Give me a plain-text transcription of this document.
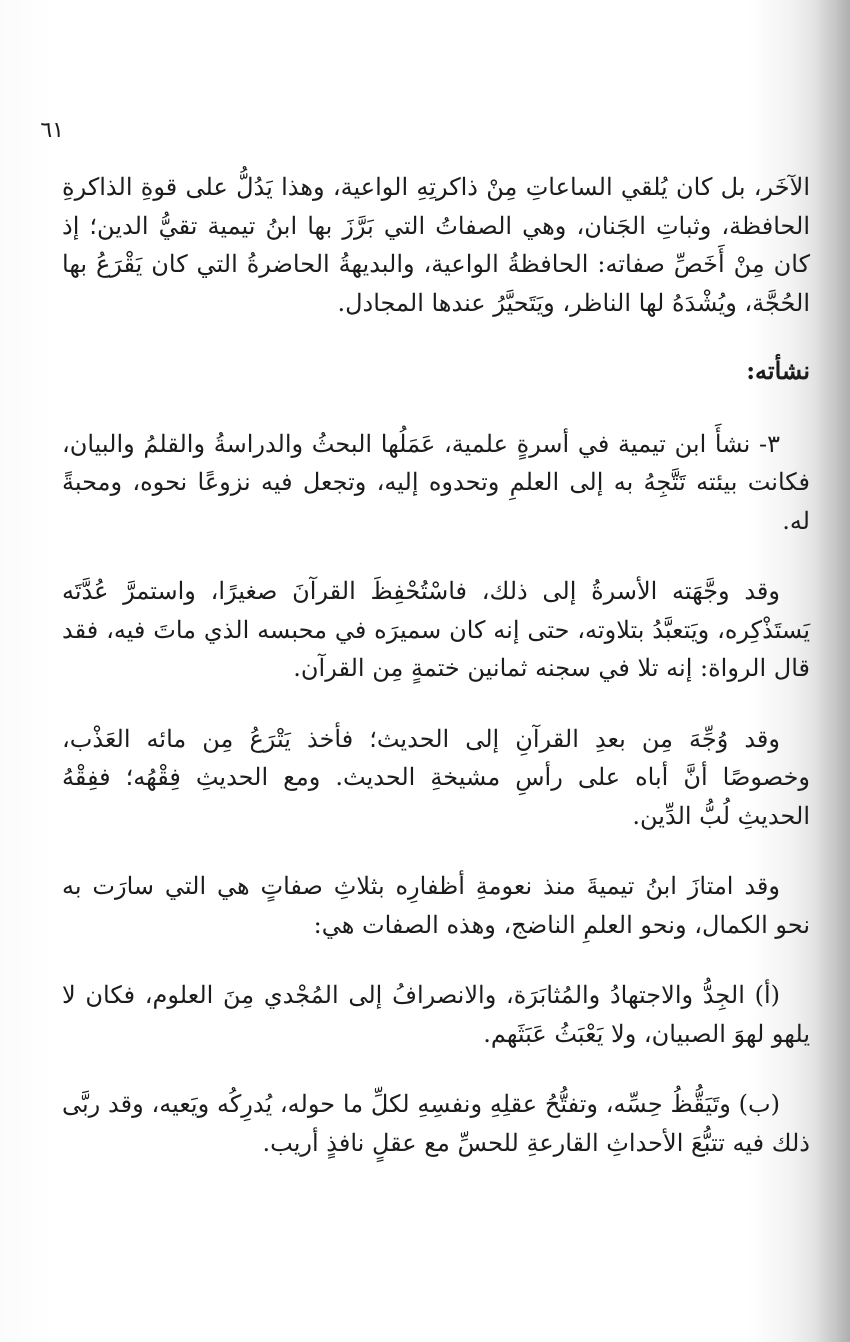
٦١

الآخَر، بل كان يُلقي الساعاتِ مِنْ ذاكرتِهِ الواعية، وهذا يَدُلُّ على قوةِ الذاكرةِ الحافظة، وثباتِ الجَنان، وهي الصفاتُ التي بَرَّزَ بها ابنُ تيمية تقيُّ الدين؛ إذ كان مِنْ أَخَصِّ صفاته: الحافظةُ الواعية، والبديهةُ الحاضرةُ التي كان يَقْرَعُ بها الحُجَّة، ويُشْدَهُ لها الناظر، ويَتَحيَّرُ عندها المجادل.

نشأته:

٣- نشأَ ابن تيمية في أسرةٍ علمية، عَمَلُها البحثُ والدراسةُ والقلمُ والبيان، فكانت بيئته تَتَّجِهُ به إلى العلمِ وتحدوه إليه، وتجعل فيه نزوعًا نحوه، ومحبةً له.

وقد وجَّهَته الأسرةُ إلى ذلك، فاسْتُحْفِظَ القرآنَ صغيرًا، واستمرَّ عُدَّتَه يَستَذْكِره، ويَتعبَّدُ بتلاوته، حتى إنه كان سميرَه في محبسه الذي ماتَ فيه، فقد قال الرواة: إنه تلا في سجنه ثمانين ختمةٍ مِن القرآن.

وقد وُجِّهَ مِن بعدِ القرآنِ إلى الحديث؛ فأخذ يَتْرَعُ مِن مائه العَذْب، وخصوصًا أنَّ أباه على رأسِ مشيخةِ الحديث. ومع الحديثِ فِقْهُه؛ ففِقْهُ الحديثِ لُبُّ الدِّين.

وقد امتازَ ابنُ تيميةَ منذ نعومةِ أظفارِه بثلاثِ صفاتٍ هي التي سارَت به نحو الكمال، ونحو العلمِ الناضج، وهذه الصفات هي:

(أ) الجِدُّ والاجتهادُ والمُثابَرَة، والانصرافُ إلى المُجْدي مِنَ العلوم، فكان لا يلهو لهوَ الصبيان، ولا يَعْبَثُ عَبَثَهم.

(ب) وتَيَقُّظُ حِسِّه، وتفتُّحُ عقلِهِ ونفسِهِ لكلِّ ما حوله، يُدرِكُه ويَعيه، وقد ربَّى ذلك فيه تتبُّعَ الأحداثِ القارعةِ للحسِّ مع عقلٍ نافذٍ أريب.
